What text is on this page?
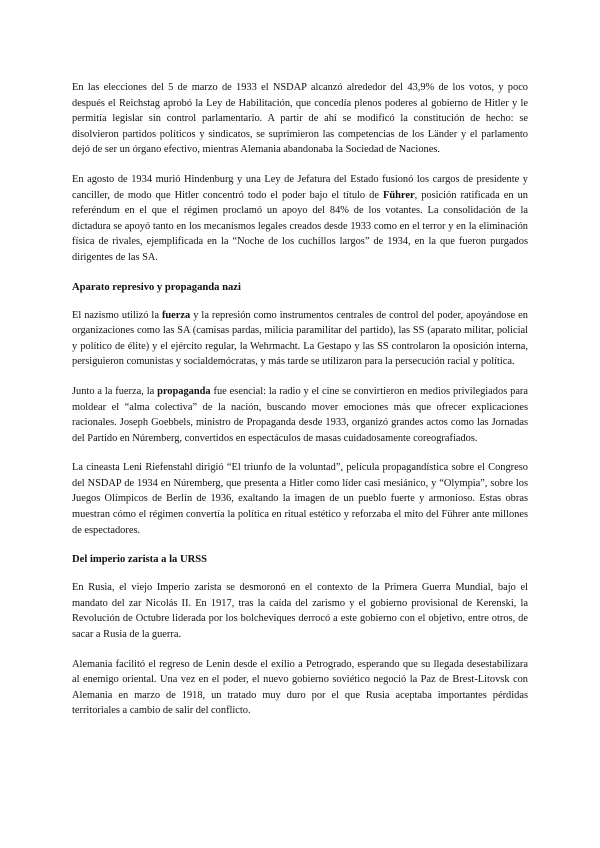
En las elecciones del 5 de marzo de 1933 el NSDAP alcanzó alrededor del 43,9% de los votos, y poco después el Reichstag aprobó la Ley de Habilitación, que concedía plenos poderes al gobierno de Hitler y le permitía legislar sin control parlamentario. A partir de ahí se modificó la constitución de hecho: se disolvieron partidos políticos y sindicatos, se suprimieron las competencias de los Länder y el parlamento dejó de ser un órgano efectivo, mientras Alemania abandonaba la Sociedad de Naciones.

En agosto de 1934 murió Hindenburg y una Ley de Jefatura del Estado fusionó los cargos de presidente y canciller, de modo que Hitler concentró todo el poder bajo el título de Führer, posición ratificada en un referéndum en el que el régimen proclamó un apoyo del 84% de los votantes. La consolidación de la dictadura se apoyó tanto en los mecanismos legales creados desde 1933 como en el terror y en la eliminación física de rivales, ejemplificada en la “Noche de los cuchillos largos” de 1934, en la que fueron purgados dirigentes de las SA.

Aparato represivo y propaganda nazi

El nazismo utilizó la fuerza y la represión como instrumentos centrales de control del poder, apoyándose en organizaciones como las SA (camisas pardas, milicia paramilitar del partido), las SS (aparato militar, policial y político de élite) y el ejército regular, la Wehrmacht. La Gestapo y las SS controlaron la oposición interna, persiguieron comunistas y socialdemócratas, y más tarde se utilizaron para la persecución racial y política.

Junto a la fuerza, la propaganda fue esencial: la radio y el cine se convirtieron en medios privilegiados para moldear el “alma colectiva” de la nación, buscando mover emociones más que ofrecer explicaciones racionales. Joseph Goebbels, ministro de Propaganda desde 1933, organizó grandes actos como las Jornadas del Partido en Núremberg, convertidos en espectáculos de masas cuidadosamente coreografiados.

La cineasta Leni Riefenstahl dirigió “El triunfo de la voluntad”, película propagandística sobre el Congreso del NSDAP de 1934 en Núremberg, que presenta a Hitler como líder casi mesiánico, y “Olympia”, sobre los Juegos Olímpicos de Berlín de 1936, exaltando la imagen de un pueblo fuerte y armonioso. Estas obras muestran cómo el régimen convertía la política en ritual estético y reforzaba el mito del Führer ante millones de espectadores.

Del imperio zarista a la URSS

En Rusia, el viejo Imperio zarista se desmoronó en el contexto de la Primera Guerra Mundial, bajo el mandato del zar Nicolás II. En 1917, tras la caída del zarismo y el gobierno provisional de Kerenski, la Revolución de Octubre liderada por los bolcheviques derrocó a este gobierno con el objetivo, entre otros, de sacar a Rusia de la guerra.

Alemania facilitó el regreso de Lenin desde el exilio a Petrogrado, esperando que su llegada desestabilizara al enemigo oriental. Una vez en el poder, el nuevo gobierno soviético negoció la Paz de Brest-Litovsk con Alemania en marzo de 1918, un tratado muy duro por el que Rusia aceptaba importantes pérdidas territoriales a cambio de salir del conflicto.
